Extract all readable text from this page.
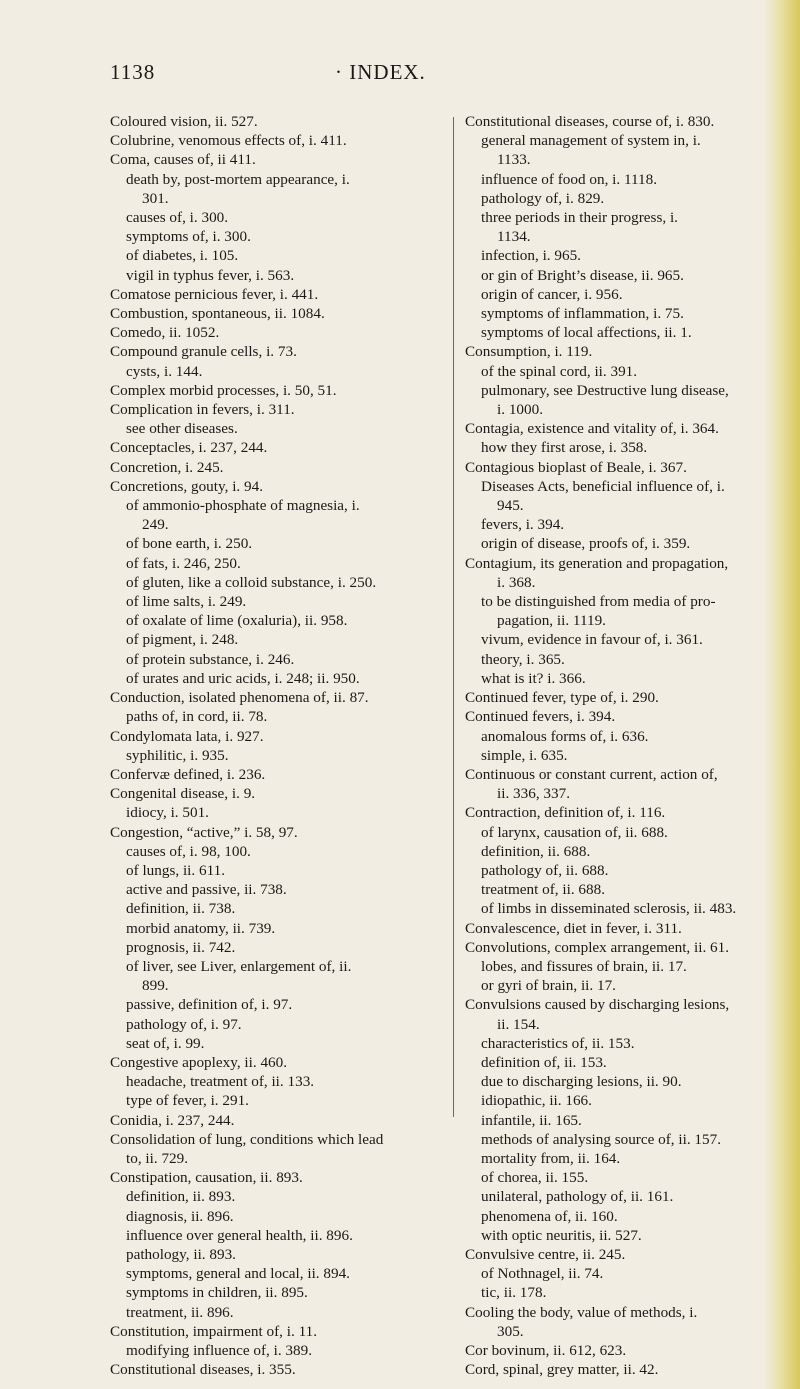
1138	· INDEX.
Coloured vision, ii. 527.
Colubrine, venomous effects of, i. 411.
Coma, causes of, ii 411.
death by, post-mortem appearance, i.
301.
causes of, i. 300.
symptoms of, i. 300.
of diabetes, i. 105.
vigil in typhus fever, i. 563.
Comatose pernicious fever, i. 441.
Combustion, spontaneous, ii. 1084.
Comedo, ii. 1052.
Compound granule cells, i. 73.
cysts, i. 144.
Complex morbid processes, i. 50, 51.
Complication in fevers, i. 311.
see other diseases.
Conceptacles, i. 237, 244.
Concretion, i. 245.
Concretions, gouty, i. 94.
of ammonio-phosphate of magnesia, i.
249.
of bone earth, i. 250.
of fats, i. 246, 250.
of gluten, like a colloid substance, i. 250.
of lime salts, i. 249.
of oxalate of lime (oxaluria), ii. 958.
of pigment, i. 248.
of protein substance, i. 246.
of urates and uric acids, i. 248; ii. 950.
Conduction, isolated phenomena of, ii. 87.
paths of, in cord, ii. 78.
Condylomata lata, i. 927.
syphilitic, i. 935.
Confervæ defined, i. 236.
Congenital disease, i. 9.
idiocy, i. 501.
Congestion, “active,” i. 58, 97.
causes of, i. 98, 100.
of lungs, ii. 611.
active and passive, ii. 738.
definition, ii. 738.
morbid anatomy, ii. 739.
prognosis, ii. 742.
of liver, see Liver, enlargement of, ii.
899.
passive, definition of, i. 97.
pathology of, i. 97.
seat of, i. 99.
Congestive apoplexy, ii. 460.
headache, treatment of, ii. 133.
type of fever, i. 291.
Conidia, i. 237, 244.
Consolidation of lung, conditions which lead
to, ii. 729.
Constipation, causation, ii. 893.
definition, ii. 893.
diagnosis, ii. 896.
influence over general health, ii. 896.
pathology, ii. 893.
symptoms, general and local, ii. 894.
symptoms in children, ii. 895.
treatment, ii. 896.
Constitution, impairment of, i. 11.
modifying influence of, i. 389.
Constitutional diseases, i. 355.
Constitutional diseases, course of, i. 830.
general management of system in, i.
1133.
influence of food on, i. 1118.
pathology of, i. 829.
three periods in their progress, i.
1134.
infection, i. 965.
or gin of Bright’s disease, ii. 965.
origin of cancer, i. 956.
symptoms of inflammation, i. 75.
symptoms of local affections, ii. 1.
Consumption, i. 119.
of the spinal cord, ii. 391.
pulmonary, see Destructive lung disease,
i. 1000.
Contagia, existence and vitality of, i. 364.
how they first arose, i. 358.
Contagious bioplast of Beale, i. 367.
Diseases Acts, beneficial influence of, i.
945.
fevers, i. 394.
origin of disease, proofs of, i. 359.
Contagium, its generation and propagation,
i. 368.
to be distinguished from media of pro-
pagation, ii. 1119.
vivum, evidence in favour of, i. 361.
theory, i. 365.
what is it? i. 366.
Continued fever, type of, i. 290.
Continued fevers, i. 394.
anomalous forms of, i. 636.
simple, i. 635.
Continuous or constant current, action of,
ii. 336, 337.
Contraction, definition of, i. 116.
of larynx, causation of, ii. 688.
definition, ii. 688.
pathology of, ii. 688.
treatment of, ii. 688.
of limbs in disseminated sclerosis, ii. 483.
Convalescence, diet in fever, i. 311.
Convolutions, complex arrangement, ii. 61.
lobes, and fissures of brain, ii. 17.
or gyri of brain, ii. 17.
Convulsions caused by discharging lesions,
ii. 154.
characteristics of, ii. 153.
definition of, ii. 153.
due to discharging lesions, ii. 90.
idiopathic, ii. 166.
infantile, ii. 165.
methods of analysing source of, ii. 157.
mortality from, ii. 164.
of chorea, ii. 155.
unilateral, pathology of, ii. 161.
phenomena of, ii. 160.
with optic neuritis, ii. 527.
Convulsive centre, ii. 245.
of Nothnagel, ii. 74.
tic, ii. 178.
Cooling the body, value of methods, i.
305.
Cor bovinum, ii. 612, 623.
Cord, spinal, grey matter, ii. 42.
